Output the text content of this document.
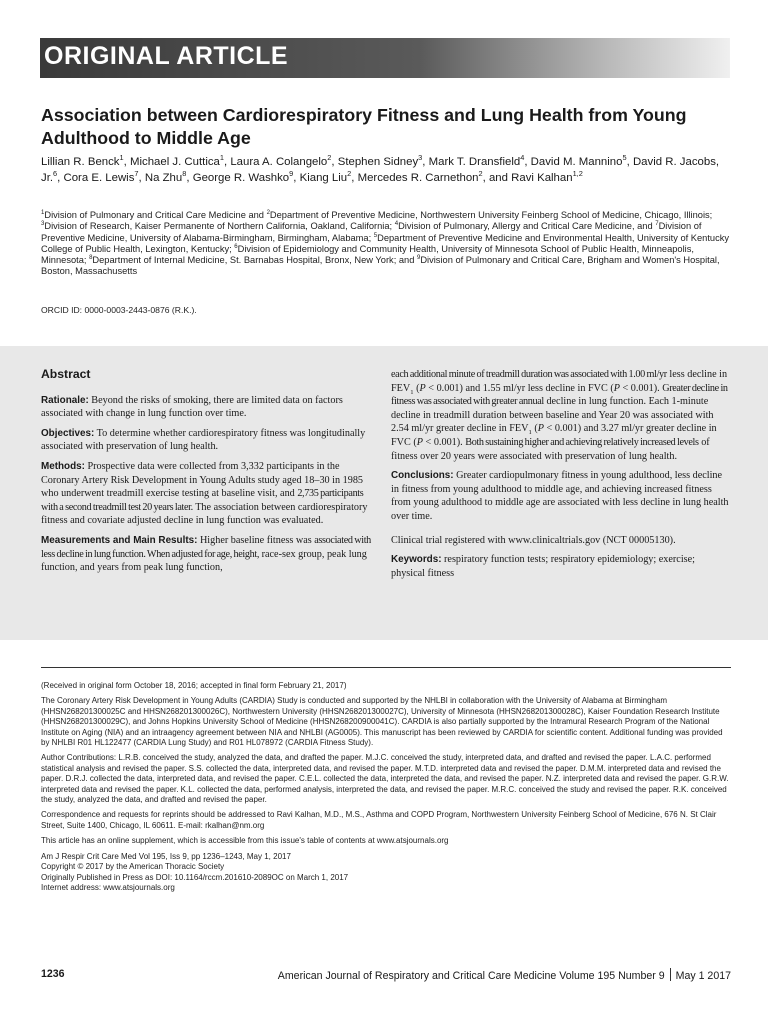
ORIGINAL ARTICLE
Association between Cardiorespiratory Fitness and Lung Health from Young Adulthood to Middle Age
Lillian R. Benck$^1$, Michael J. Cuttica$^1$, Laura A. Colangelo$^2$, Stephen Sidney$^3$, Mark T. Dransfield$^4$, David M. Mannino$^5$, David R. Jacobs, Jr.$^6$, Cora E. Lewis$^7$, Na Zhu$^8$, George R. Washko$^9$, Kiang Liu$^2$, Mercedes R. Carnethon$^2$, and Ravi Kalhan$^{1,2}$
$^1$Division of Pulmonary and Critical Care Medicine and $^2$Department of Preventive Medicine, Northwestern University Feinberg School of Medicine, Chicago, Illinois; $^3$Division of Research, Kaiser Permanente of Northern California, Oakland, California; $^4$Division of Pulmonary, Allergy and Critical Care Medicine, and $^7$Division of Preventive Medicine, University of Alabama-Birmingham, Birmingham, Alabama; $^5$Department of Preventive Medicine and Environmental Health, University of Kentucky College of Public Health, Lexington, Kentucky; $^6$Division of Epidemiology and Community Health, University of Minnesota School of Public Health, Minneapolis, Minnesota; $^8$Department of Internal Medicine, St. Barnabas Hospital, Bronx, New York; and $^9$Division of Pulmonary and Critical Care, Brigham and Women's Hospital, Boston, Massachusetts
ORCID ID: 0000-0003-2443-0876 (R.K.).
Abstract

Rationale: Beyond the risks of smoking, there are limited data on factors associated with change in lung function over time.

Objectives: To determine whether cardiorespiratory fitness was longitudinally associated with preservation of lung health.

Methods: Prospective data were collected from 3,332 participants in the Coronary Artery Risk Development in Young Adults study aged 18–30 in 1985 who underwent treadmill exercise testing at baseline visit, and 2,735 participants with a second treadmill test 20 years later. The association between cardiorespiratory fitness and covariate adjusted decline in lung function was evaluated.

Measurements and Main Results: Higher baseline fitness was associated with less decline in lung function. When adjusted for age, height, race-sex group, peak lung function, and years from peak lung function,

each additional minute of treadmill duration was associated with 1.00 ml/yr less decline in $FEV_1$ (P < 0.001) and 1.55 ml/yr less decline in FVC (P < 0.001). Greater decline in fitness was associated with greater annual decline in lung function. Each 1-minute decline in treadmill duration between baseline and Year 20 was associated with 2.54 ml/yr greater decline in $FEV_1$ (P < 0.001) and 3.27 ml/yr greater decline in FVC (P < 0.001). Both sustaining higher and achieving relatively increased levels of fitness over 20 years were associated with preservation of lung health.

Conclusions: Greater cardiopulmonary fitness in young adulthood, less decline in fitness from young adulthood to middle age, and achieving increased fitness from young adulthood to middle age are associated with less decline in lung health over time.

Clinical trial registered with www.clinicaltrials.gov (NCT 00005130).

Keywords: respiratory function tests; respiratory epidemiology; exercise; physical fitness

(Received in original form October 18, 2016; accepted in final form February 21, 2017)

The Coronary Artery Risk Development in Young Adults (CARDIA) Study is conducted and supported by the NHLBI in collaboration with the University of Alabama at Birmingham (HHSN268201300025C and HHSN268201300026C), Northwestern University (HHSN268201300027C), University of Minnesota (HHSN268201300028C), Kaiser Foundation Research Institute (HHSN268201300029C), and Johns Hopkins University School of Medicine (HHSN268200900041C). CARDIA is also partially supported by the Intramural Research Program of the National Institute on Aging (NIA) and an intraagency agreement between NIA and NHLBI (AG0005). This manuscript has been reviewed by CARDIA for scientific content. Additional funding was provided by NHLBI R01 HL122477 (CARDIA Lung Study) and R01 HL078972 (CARDIA Fitness Study).

Author Contributions: L.R.B. conceived the study, analyzed the data, and drafted the paper. M.J.C. conceived the study, interpreted data, and drafted and revised the paper. L.A.C. performed statistical analysis and revised the paper. S.S. collected the data, interpreted data, and revised the paper. M.T.D. interpreted data and revised the paper. D.M.M. interpreted data and revised the paper. D.R.J. collected the data, interpreted data, and revised the paper. C.E.L. collected the data, interpreted the data, and revised the paper. N.Z. interpreted data and revised the paper. G.R.W. interpreted data and revised the paper. K.L. collected the data, performed analysis, interpreted the data, and revised the paper. M.R.C. conceived the study and revised the paper. R.K. conceived the study, analyzed the data, and drafted and revised the paper.

Correspondence and requests for reprints should be addressed to Ravi Kalhan, M.D., M.S., Asthma and COPD Program, Northwestern University Feinberg School of Medicine, 676 N. St Clair Street, Suite 1400, Chicago, IL 60611. E-mail: rkalhan@nm.org

This article has an online supplement, which is accessible from this issue's table of contents at www.atsjournals.org

Am J Respir Crit Care Med Vol 195, Iss 9, pp 1236–1243, May 1, 2017
Copyright © 2017 by the American Thoracic Society
Originally Published in Press as DOI: 10.1164/rccm.201610-2089OC on March 1, 2017
Internet address: www.atsjournals.org

1236	American Journal of Respiratory and Critical Care Medicine Volume 195 Number 9 May 1 2017
